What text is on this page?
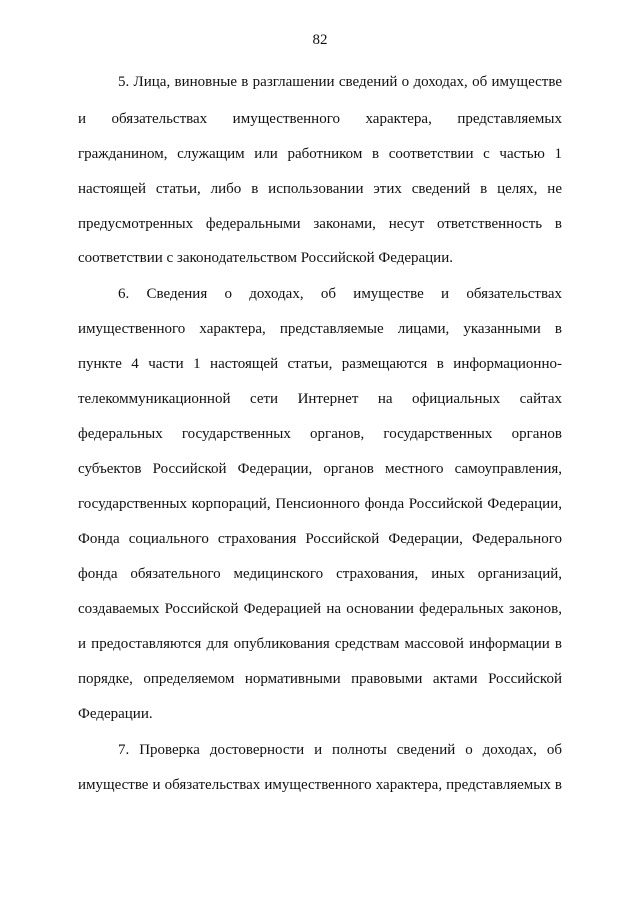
82
5. Лица, виновные в разглашении сведений о доходах, об имуществе
и обязательствах имущественного характера, представляемых
гражданином, служащим или работником в соответствии с частью 1
настоящей статьи, либо в использовании этих сведений в целях, не
предусмотренных федеральными законами, несут ответственность в
соответствии с законодательством Российской Федерации.
6. Сведения о доходах, об имуществе и обязательствах
имущественного характера, представляемые лицами, указанными в
пункте 4 части 1 настоящей статьи, размещаются в информационно-
телекоммуникационной сети Интернет на официальных сайтах
федеральных государственных органов, государственных органов
субъектов Российской Федерации, органов местного самоуправления,
государственных корпораций, Пенсионного фонда Российской Федерации,
Фонда социального страхования Российской Федерации, Федерального
фонда обязательного медицинского страхования, иных организаций,
создаваемых Российской Федерацией на основании федеральных законов,
и предоставляются для опубликования средствам массовой информации в
порядке, определяемом нормативными правовыми актами Российской
Федерации.
7. Проверка достоверности и полноты сведений о доходах, об
имуществе и обязательствах имущественного характера, представляемых в
